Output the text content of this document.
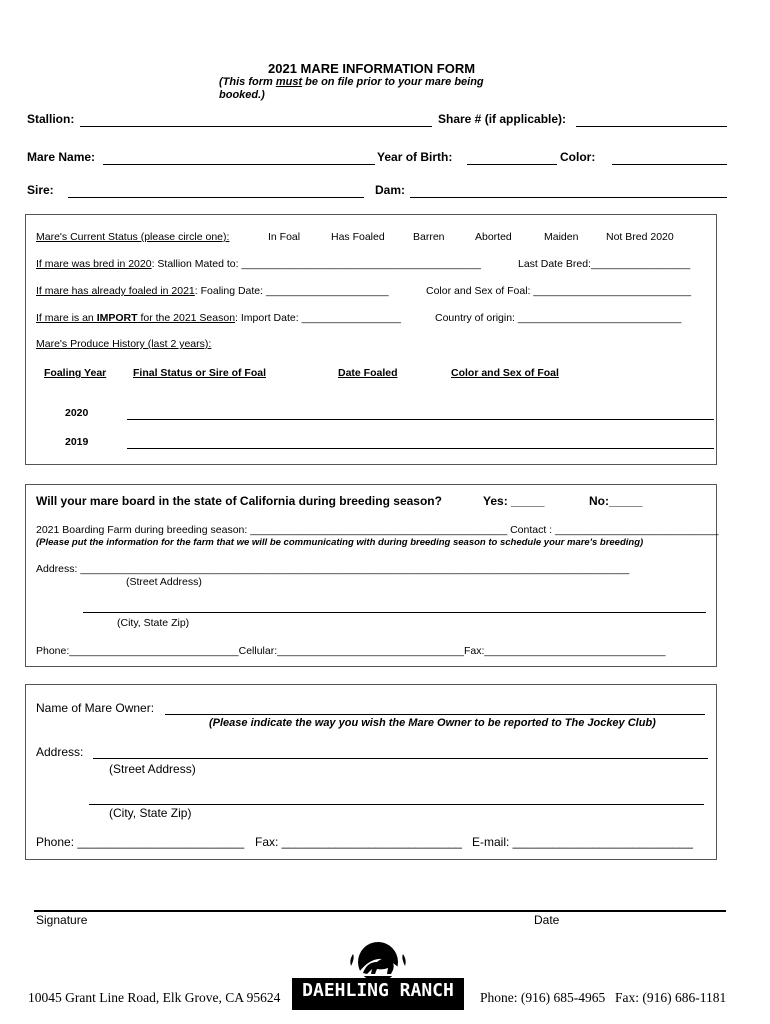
2021 MARE INFORMATION FORM
(This form must be on file prior to your mare being
booked.)
Stallion:	Share # (if applicable):
Mare Name:	Year of Birth:	Color:
Sire:	Dam:
Mare's Current Status (please circle one):	In Foal	Has Foaled	Barren	Aborted	Maiden	Not Bred 2020
If mare was bred in 2020: Stallion Mated to: _________________________________________	Last Date Bred:_________________
If mare has already foaled in 2021: Foaling Date: _____________________	Color and Sex of Foal: ___________________________
If mare is an IMPORT for the 2021 Season: Import Date: _________________	Country of origin: ____________________________
Mare's Produce History (last 2 years):
Foaling Year	Final Status or Sire of Foal	Date Foaled	Color and Sex of Foal
2020
2019
Will your mare board in the state of California during breeding season?	Yes: _____	No:_____
2021 Boarding Farm during breeding season: ____________________________________________ Contact : ____________________________
(Please put the information for the farm that we will be communicating with during breeding season to schedule your mare's breeding)
Address: ______________________________________________________________________________________________
(Street Address)
(City, State Zip)
Phone:_____________________________Cellular:________________________________Fax:_______________________________
Name of Mare Owner:
(Please indicate the way you wish the Mare Owner to be reported to The Jockey Club)
Address:
(Street Address)
(City, State Zip)
Phone: _________________________ Fax: ___________________________ E-mail: ___________________________
Signature	Date
10045 Grant Line Road, Elk Grove, CA 95624	DAEHLING RANCH	Phone: (916) 685-4965 Fax: (916) 686-1181
